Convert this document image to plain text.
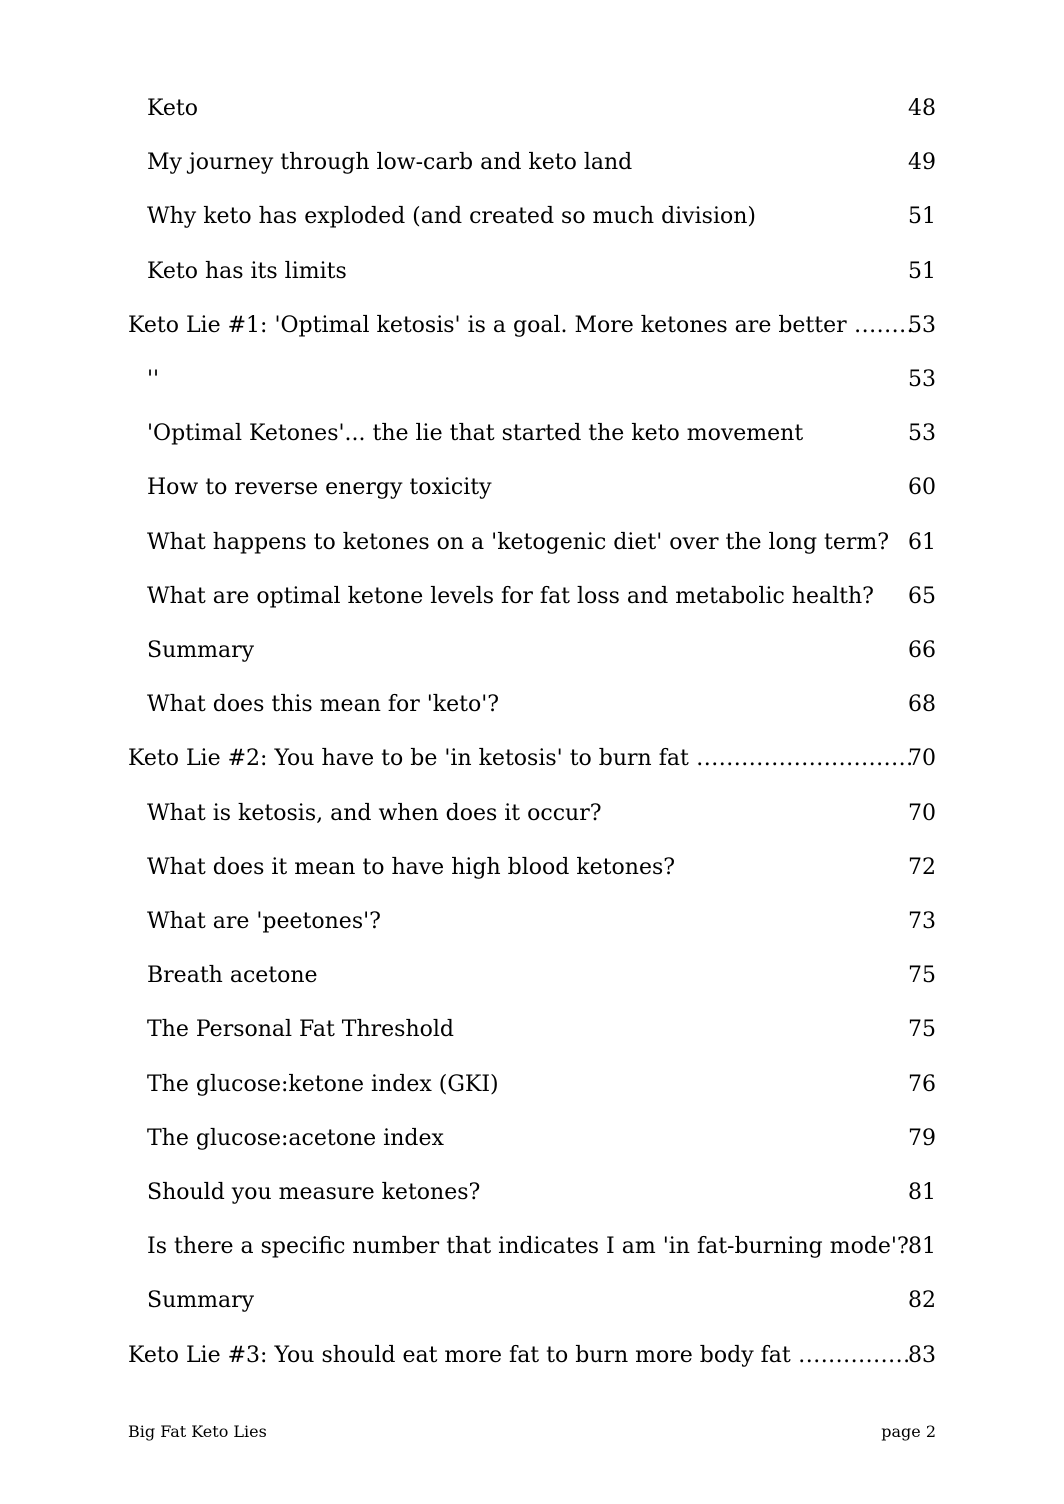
Keto	48
My journey through low-carb and keto land	49
Why keto has exploded (and created so much division)	51
Keto has its limits	51
Keto Lie #1: 'Optimal ketosis' is a goal. More ketones are better .....	53
''	53
'Optimal Ketones'... the lie that started the keto movement	53
How to reverse energy toxicity	60
What happens to ketones on a 'ketogenic diet' over the long term? 61
What are optimal ketone levels for fat loss and metabolic health? 65
Summary	66
What does this mean for 'keto'?	68
Keto Lie #2: You have to be 'in ketosis' to burn fat .....	70
What is ketosis, and when does it occur?	70
What does it mean to have high blood ketones?	72
What are 'peetones'?	73
Breath acetone	75
The Personal Fat Threshold	75
The glucose:ketone index (GKI)	76
The glucose:acetone index	79
Should you measure ketones?	81
Is there a specific number that indicates I am 'in fat-burning mode'? 81
Summary	82
Keto Lie #3: You should eat more fat to burn more body fat .....	83
Big Fat Keto Lies	page 2
